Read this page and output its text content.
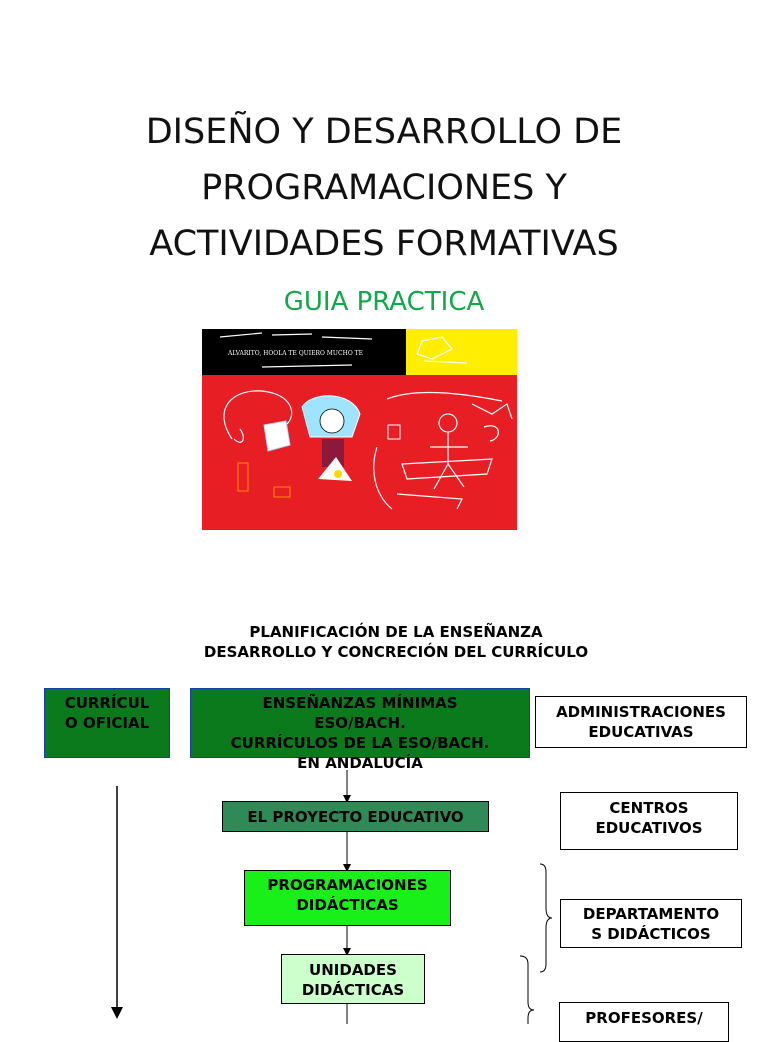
DISEÑO Y DESARROLLO DE
PROGRAMACIONES Y
ACTIVIDADES FORMATIVAS
GUIA PRACTICA
ALVARITO, HOOLA TE QUIERO MUCHO TE
PLANIFICACIÓN DE LA ENSEÑANZA
DESARROLLO Y CONCRECIÓN DEL CURRÍCULO
CURRÍCUL
O OFICIAL
ENSEÑANZAS MÍNIMAS
ESO/BACH.
CURRÍCULOS DE LA ESO/BACH.
EN ANDALUCÍA
ADMINISTRACIONES
EDUCATIVAS
EL PROYECTO EDUCATIVO	CENTROS
EDUCATIVOS
PROGRAMACIONES
DIDÁCTICAS	DEPARTAMENTO
S DIDÁCTICOS
UNIDADES
DIDÁCTICAS
PROFESORES/
